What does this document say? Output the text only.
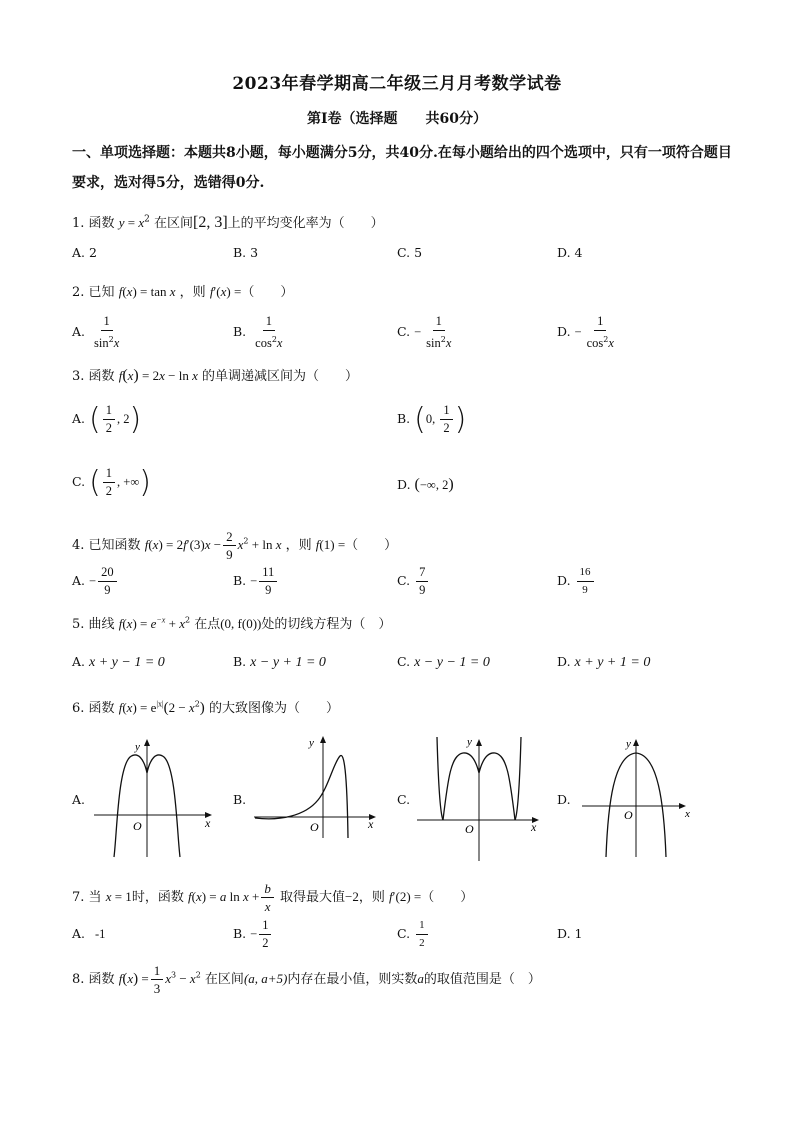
2023年春学期高二年级三月月考数学试卷
第Ⅰ卷（选择题　　共60分）
一、单项选择题：本题共8小题，每小题满分5分，共40分.在每小题给出的四个选项中，只有一项符合题目要求，选对得5分，选错得0分.
1. 函数 $y = x^2$ 在区间[2, 3]上的平均变化率为（　　）
A. 2	B. 3	C. 5	D. 4
2. 已知 f(x) = tan x ，则 f′(x) =（　　）
A. $\frac{1}{\sin^2x}$	B. $\frac{1}{\cos^2x}$	C. − $\frac{1}{\sin^2x}$	D. − $\frac{1}{\cos^2x}$
3. 函数 f(x) = 2x − ln x 的单调递减区间为（　　）
A. ( $\frac{1}{2}$ , 2)	B. (0, $\frac{1}{2}$ )
C. ( $\frac{1}{2}$ , +∞)	D. (−∞, 2)
4. 已知函数 $f(x) = 2f'(3)x - \frac{2}{9} x^2 + \ln x$ ，则 f(1) =（　　）
A. − $\frac{20}{9}$	B. − $\frac{11}{9}$	C. $\frac{7}{9}$	D. $\frac{16}{9}$
5. 曲线 $f(x) = e^{-x} + x^2$ 在点(0, f(0))处的切线方程为（　）
A. x + y − 1 = 0	B. x − y + 1 = 0	C. x − y − 1 = 0	D. x + y + 1 = 0
6. 函数 $f(x) = e^{|x|}(2 - x^2)$ 的大致图像为（　　）
A.	B.	C.	D.
y
O	x
y
O	x
y
O	x
y
O	x
7. 当 x = 1时，函数 f(x) = a $\ln x + \frac{b}{x}$ 取得最大值−2，则 f′(2) =（　　）
A. -1	B. − $\frac{1}{2}$	C. $\frac{1}{2}$	D. 1
8. 函数 $f(x) = \frac{1}{3} x^3 - x^2$ 在区间(a, a+5)内存在最小值，则实数a的取值范围是（　）
